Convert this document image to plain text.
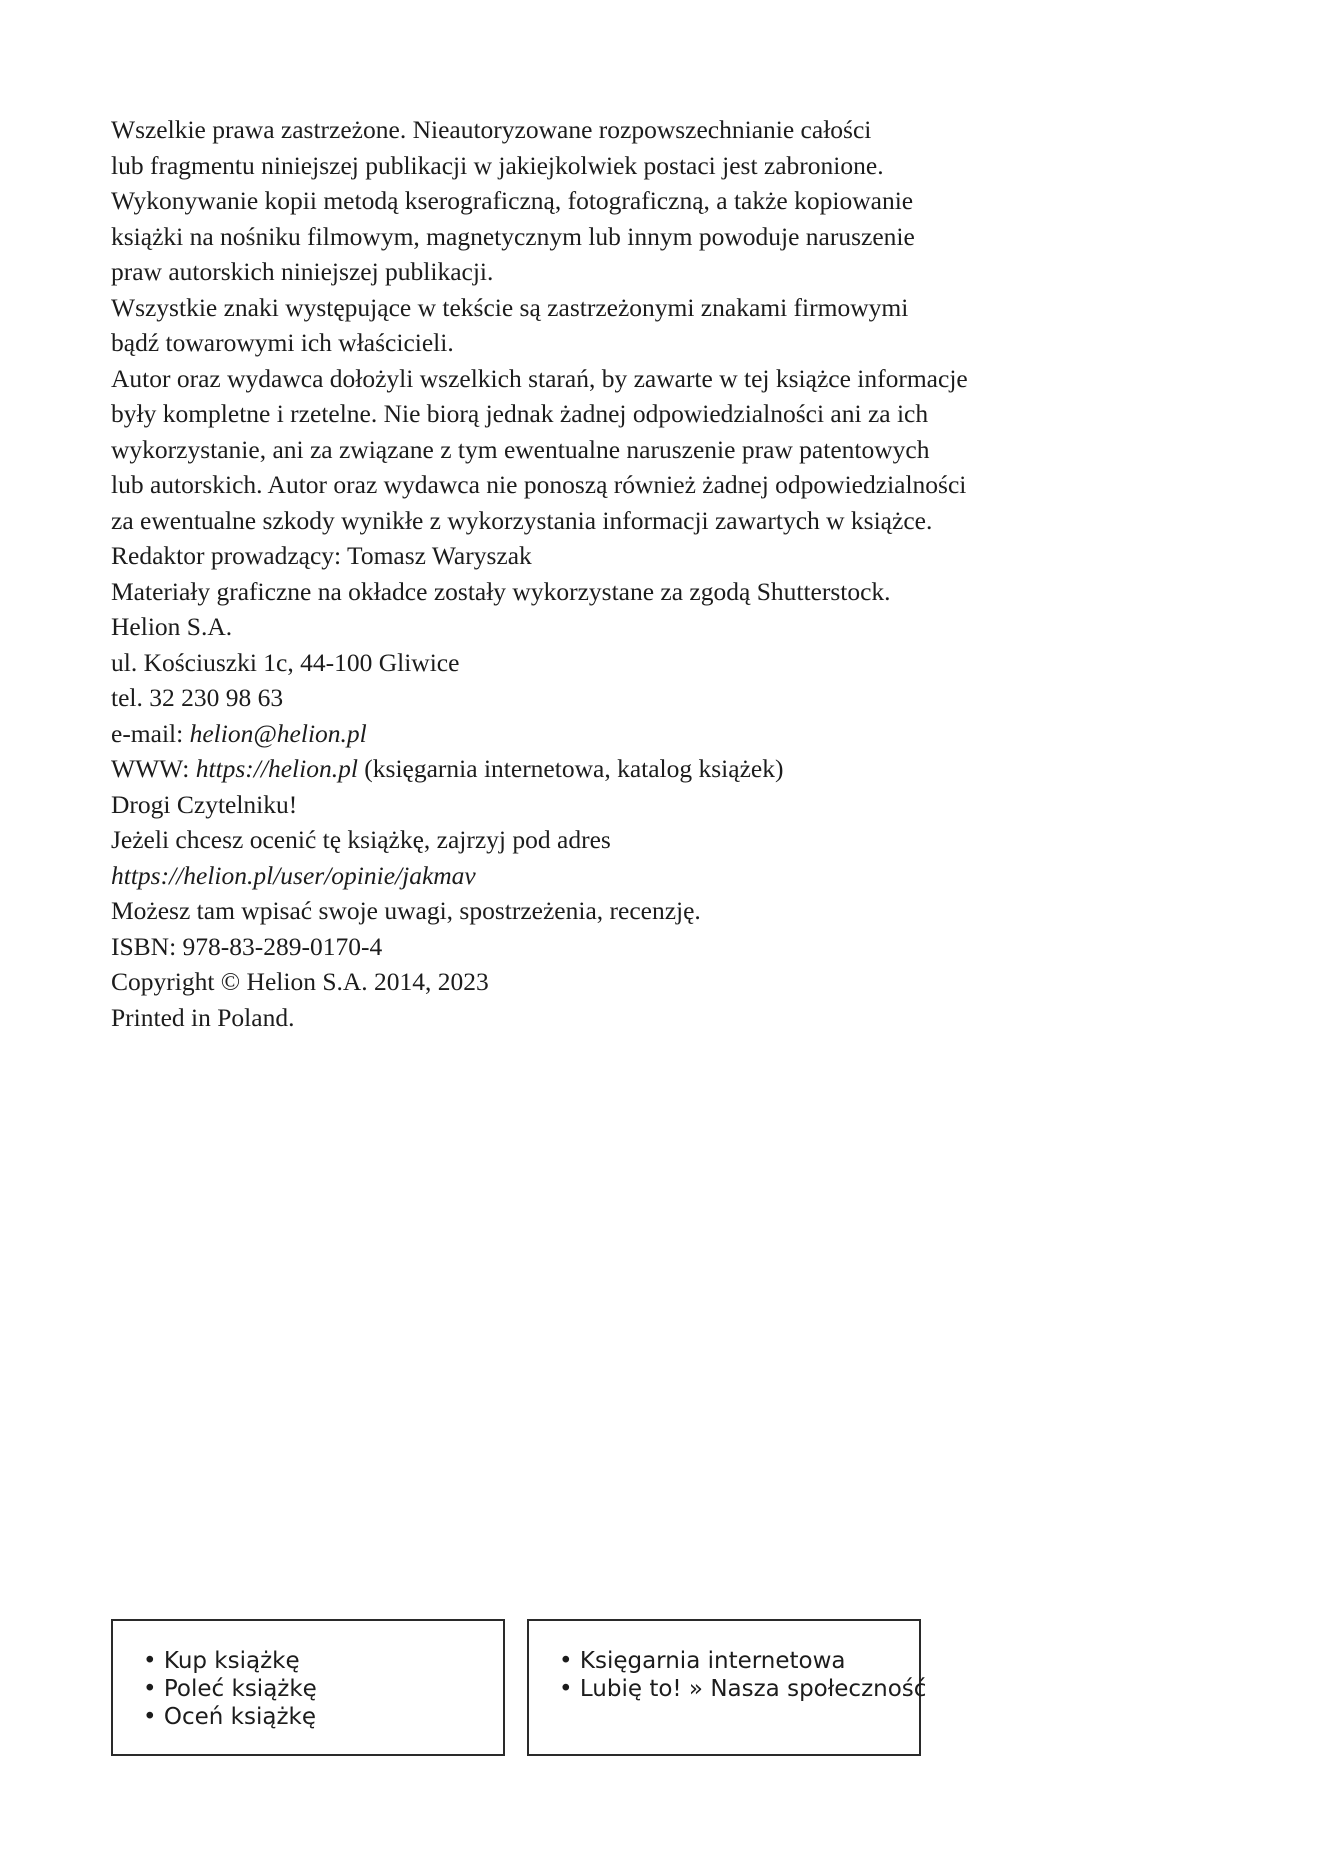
Wszelkie prawa zastrzeżone. Nieautoryzowane rozpowszechnianie całości
lub fragmentu niniejszej publikacji w jakiejkolwiek postaci jest zabronione.
Wykonywanie kopii metodą kserograficzną, fotograficzną, a także kopiowanie
książki na nośniku filmowym, magnetycznym lub innym powoduje naruszenie
praw autorskich niniejszej publikacji.

Wszystkie znaki występujące w tekście są zastrzeżonymi znakami firmowymi
bądź towarowymi ich właścicieli.

Autor oraz wydawca dołożyli wszelkich starań, by zawarte w tej książce informacje
były kompletne i rzetelne. Nie biorą jednak żadnej odpowiedzialności ani za ich
wykorzystanie, ani za związane z tym ewentualne naruszenie praw patentowych
lub autorskich. Autor oraz wydawca nie ponoszą również żadnej odpowiedzialności
za ewentualne szkody wynikłe z wykorzystania informacji zawartych w książce.

Redaktor prowadzący: Tomasz Waryszak

Materiały graficzne na okładce zostały wykorzystane za zgodą Shutterstock.

Helion S.A.
ul. Kościuszki 1c, 44-100 Gliwice
tel. 32 230 98 63
e-mail: helion@helion.pl
WWW: https://helion.pl (księgarnia internetowa, katalog książek)

Drogi Czytelniku!
Jeżeli chcesz ocenić tę książkę, zajrzyj pod adres
https://helion.pl/user/opinie/jakmav
Możesz tam wpisać swoje uwagi, spostrzeżenia, recenzję.

ISBN: 978-83-289-0170-4

Copyright © Helion S.A. 2014, 2023

Printed in Poland.

• Kup książkę
• Poleć książkę
• Oceń książkę
• Księgarnia internetowa
• Lubię to! » Nasza społeczność
